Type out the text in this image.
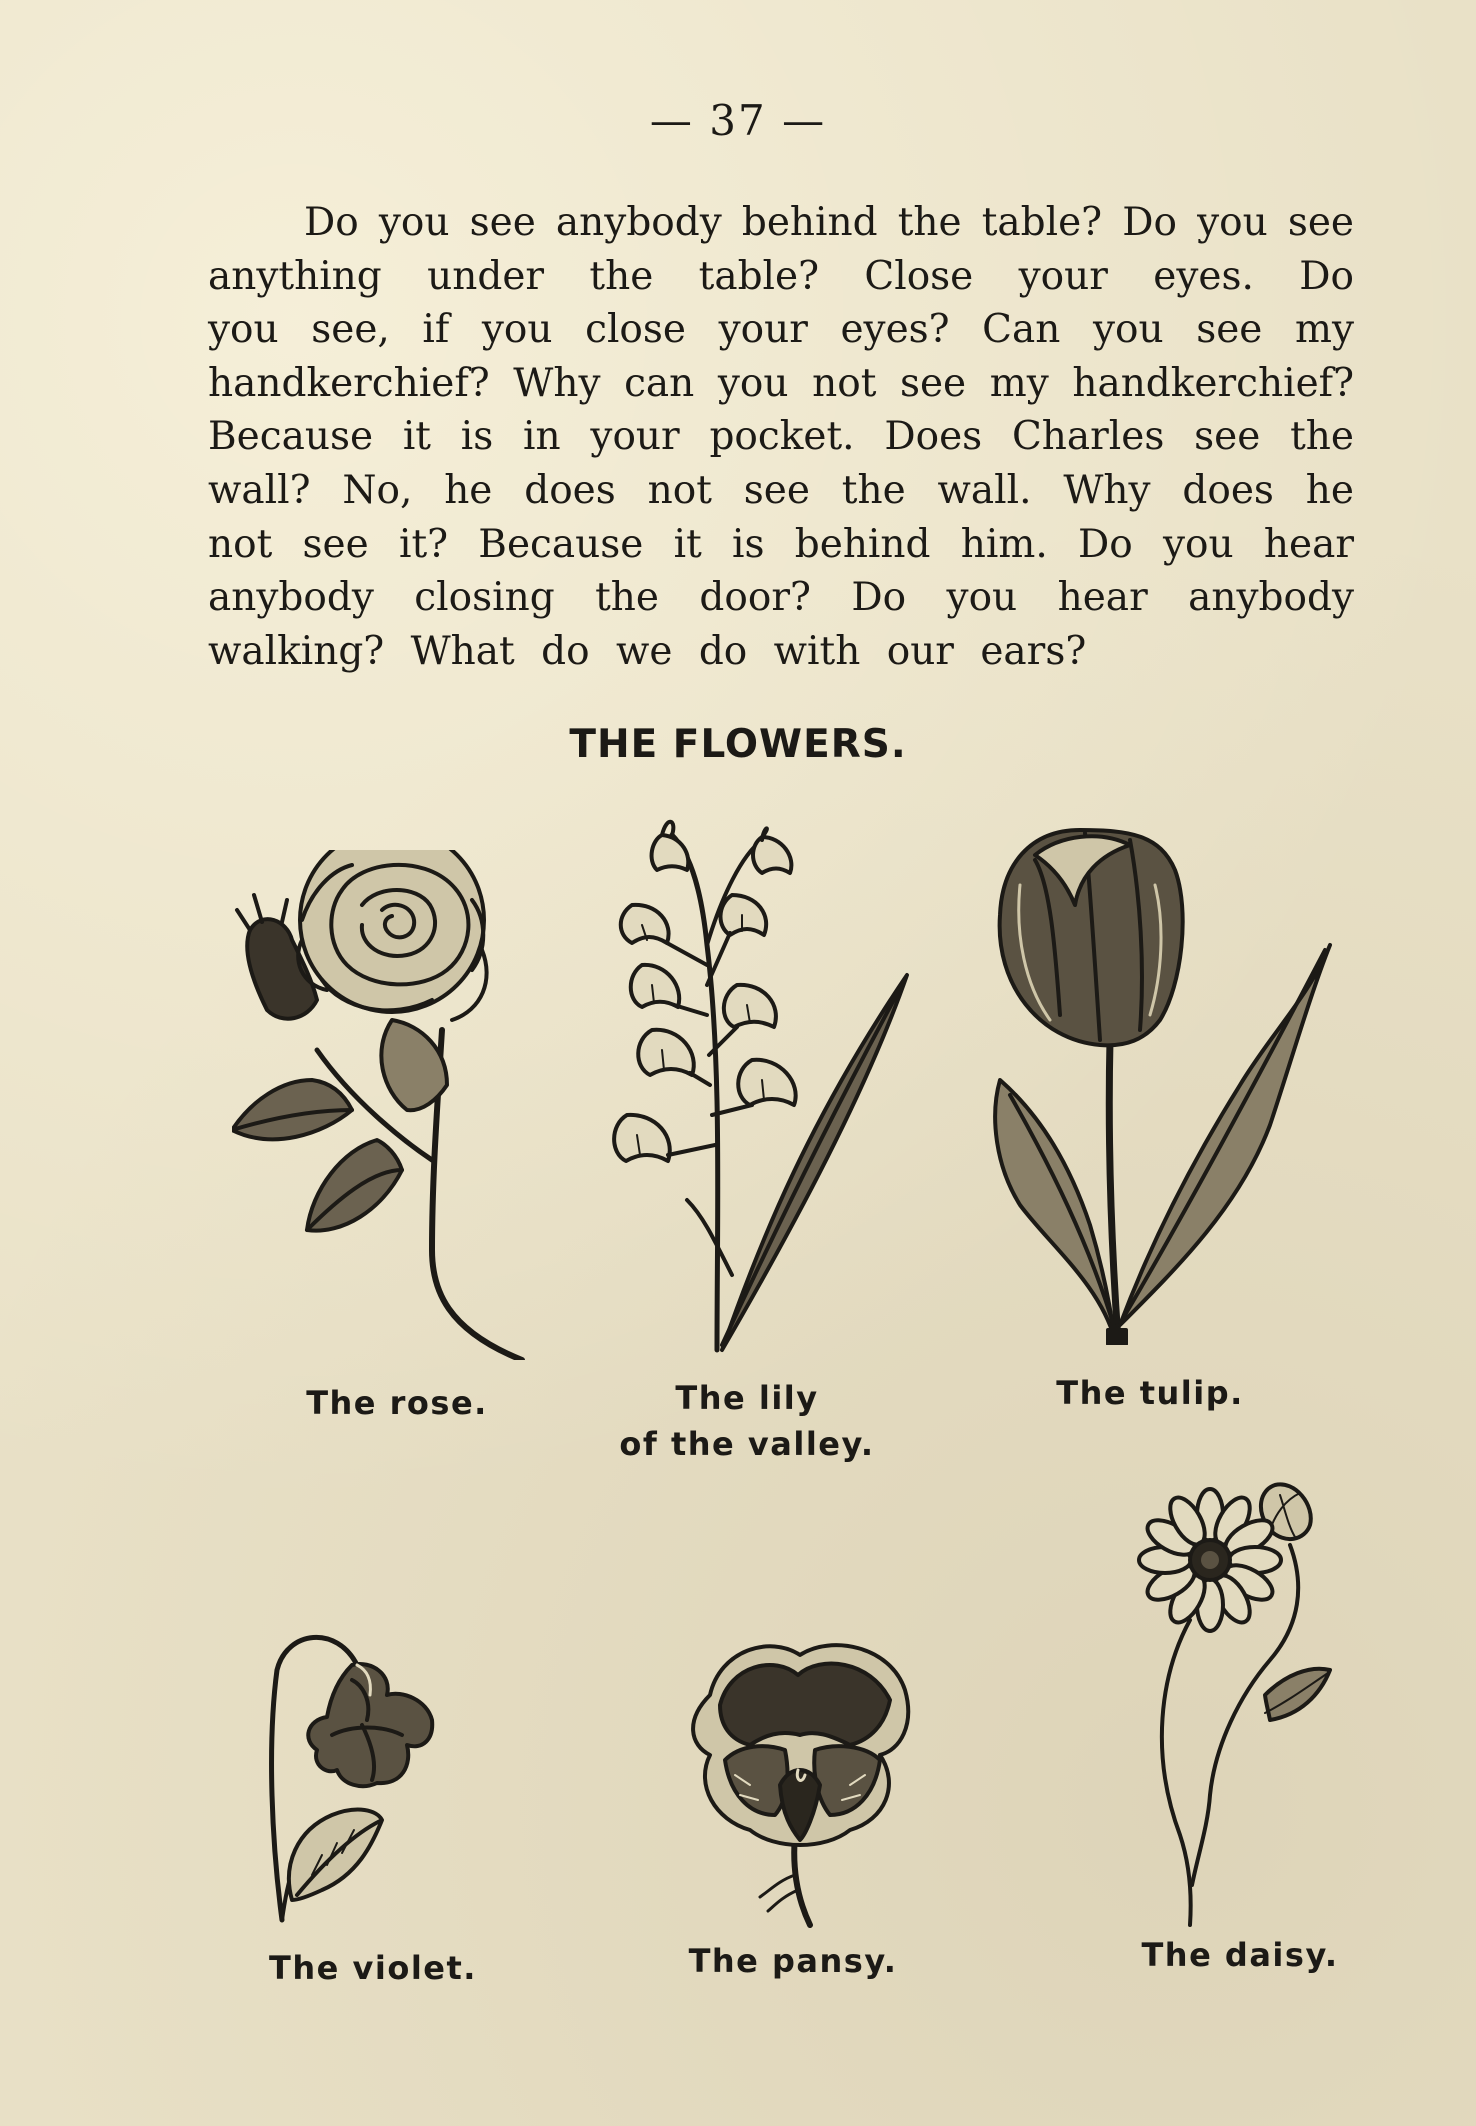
— 37 —
Do you see anybody behind the table? Do you see
anything under the table? Close your eyes. Do
you see, if you close your eyes? Can you see my
handkerchief? Why can you not see my handkerchief?
Because it is in your pocket. Does Charles see the
wall? No, he does not see the wall. Why does he
not see it? Because it is behind him. Do you hear
anybody closing the door? Do you hear anybody
walking? What do we do with our ears?
THE FLOWERS.
The rose.	The lily
of the valley.
The tulip.
The violet.	The pansy.	The daisy.
